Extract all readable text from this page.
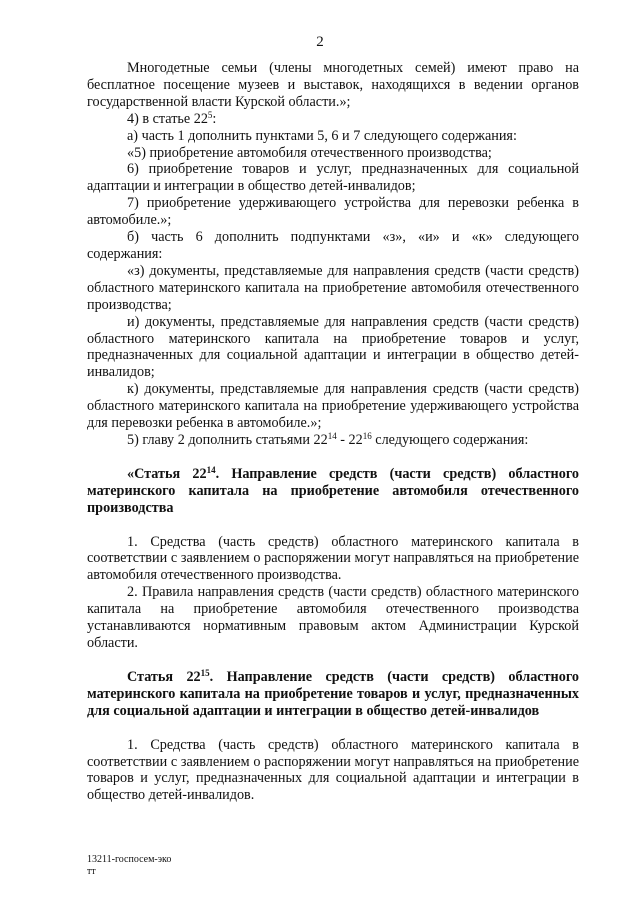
2

Многодетные семьи (члены многодетных семей) имеют право на бесплатное посещение музеев и выставок, находящихся в ведении органов государственной власти Курской области.»;

4) в статье $22^5$:

а) часть 1 дополнить пунктами 5, 6 и 7 следующего содержания:

«5) приобретение автомобиля отечественного производства;

6) приобретение товаров и услуг, предназначенных для социальной адаптации и интеграции в общество детей-инвалидов;

7) приобретение удерживающего устройства для перевозки ребенка в автомобиле.»;

б) часть 6 дополнить подпунктами «з», «и» и «к» следующего содержания:

«з) документы, представляемые для направления средств (части средств) областного материнского капитала на приобретение автомобиля отечественного производства;

и) документы, представляемые для направления средств (части средств) областного материнского капитала на приобретение товаров и услуг, предназначенных для социальной адаптации и интеграции в общество детей-инвалидов;

к) документы, представляемые для направления средств (части средств) областного материнского капитала на приобретение удерживающего устройства для перевозки ребенка в автомобиле.»;

5) главу 2 дополнить статьями $22^{14} - 22^{16}$ следующего содержания:

«Статья $22^{14}$. Направление средств (части средств) областного материнского капитала на приобретение автомобиля отечественного производства

1. Средства (часть средств) областного материнского капитала в соответствии с заявлением о распоряжении могут направляться на приобретение автомобиля отечественного производства.

2. Правила направления средств (части средств) областного материнского капитала на приобретение автомобиля отечественного производства устанавливаются нормативным правовым актом Администрации Курской области.

Статья $22^{15}$. Направление средств (части средств) областного материнского капитала на приобретение товаров и услуг, предназначенных для социальной адаптации и интеграции в общество детей-инвалидов

1. Средства (часть средств) областного материнского капитала в соответствии с заявлением о распоряжении могут направляться на приобретение товаров и услуг, предназначенных для социальной адаптации и интеграции в общество детей-инвалидов.

13211-госпосем-эко
тт
